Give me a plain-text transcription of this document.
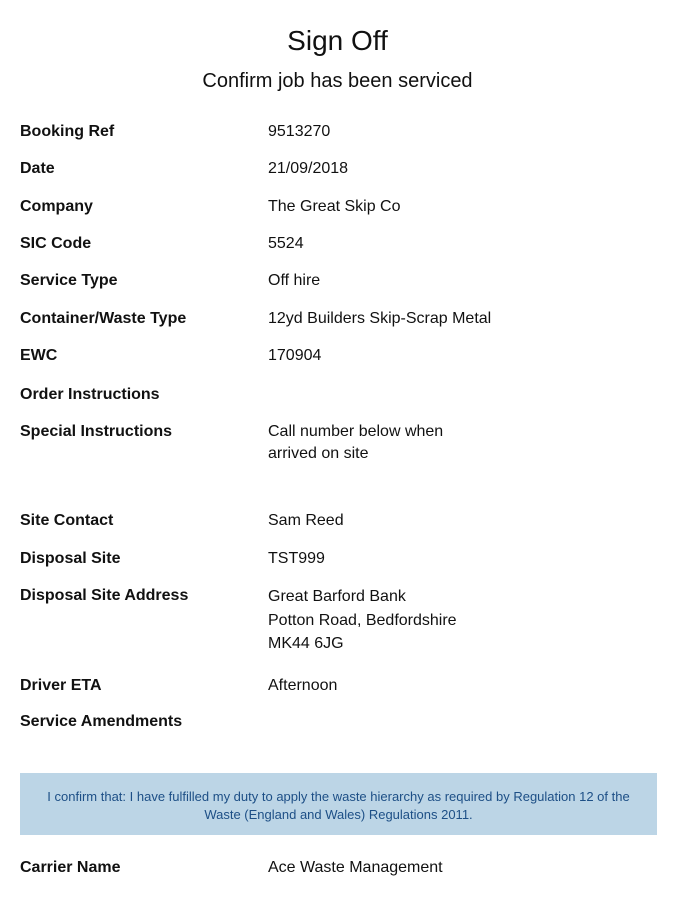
Sign Off
Confirm job has been serviced
Booking Ref	9513270
Date	21/09/2018
Company	The Great Skip Co
SIC Code	5524
Service Type	Off hire
Container/Waste Type	12yd Builders Skip-Scrap Metal
EWC	170904
Order Instructions
Special Instructions	Call number below when
arrived on site
Site Contact	Sam Reed
Disposal Site	TST999
Disposal Site Address	Great Barford Bank
Potton Road, Bedfordshire
MK44 6JG
Driver ETA	Afternoon
Service Amendments
I confirm that: I have fulfilled my duty to apply the waste hierarchy as required by Regulation 12 of the Waste (England and Wales) Regulations 2011.
Carrier Name	Ace Waste Management
